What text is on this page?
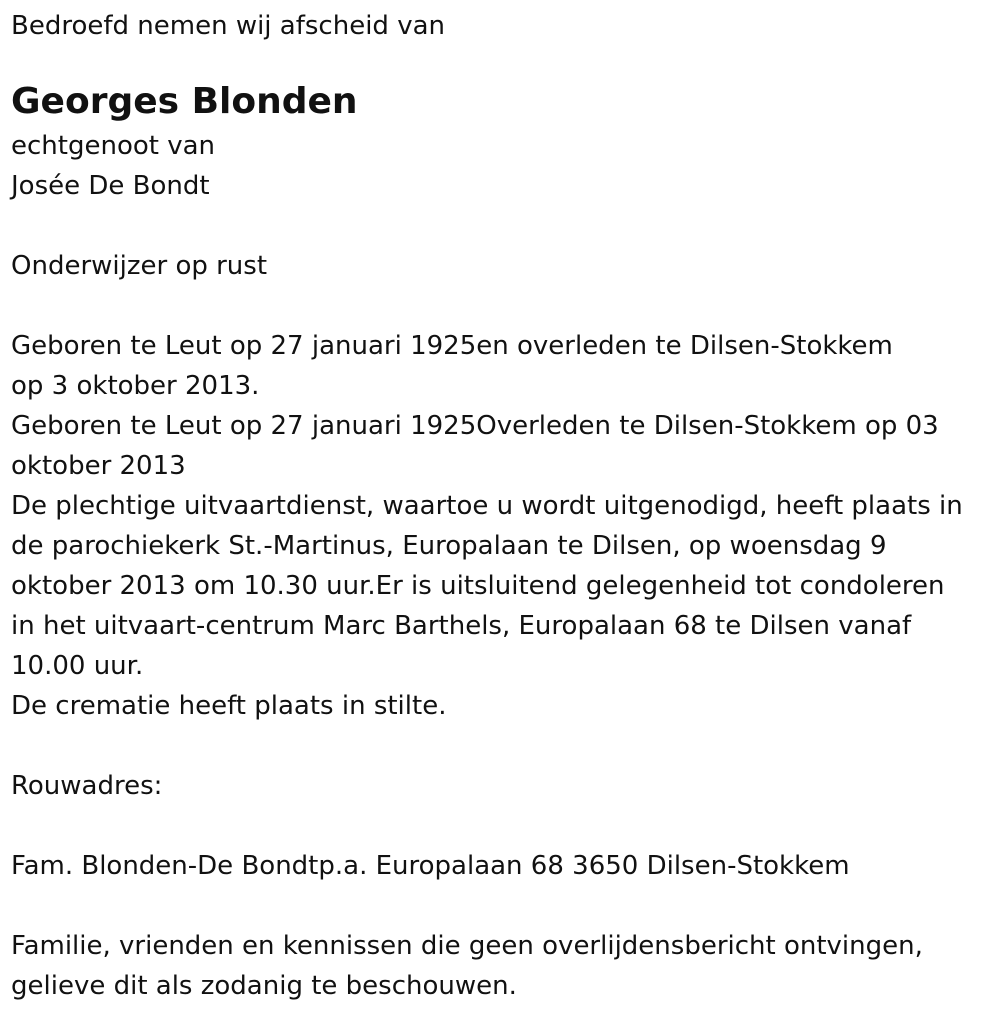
Bedroefd nemen wij afscheid van

Georges Blonden

echtgenoot van

Josée De Bondt

Onderwijzer op rust

Geboren te Leut op 27 januari 1925en overleden te Dilsen-Stokkem

op 3 oktober 2013.

Geboren te Leut op 27 januari 1925Overleden te Dilsen-Stokkem op 03

oktober 2013

De plechtige uitvaartdienst, waartoe u wordt uitgenodigd, heeft plaats in

de parochiekerk St.-Martinus, Europalaan te Dilsen, op woensdag 9

oktober 2013 om 10.30 uur.Er is uitsluitend gelegenheid tot condoleren

in het uitvaart-centrum Marc Barthels, Europalaan 68 te Dilsen vanaf

10.00 uur.

De crematie heeft plaats in stilte.

Rouwadres:

Fam. Blonden-De Bondtp.a. Europalaan 68 3650 Dilsen-Stokkem

Familie, vrienden en kennissen die geen overlijdensbericht ontvingen,

gelieve dit als zodanig te beschouwen.
